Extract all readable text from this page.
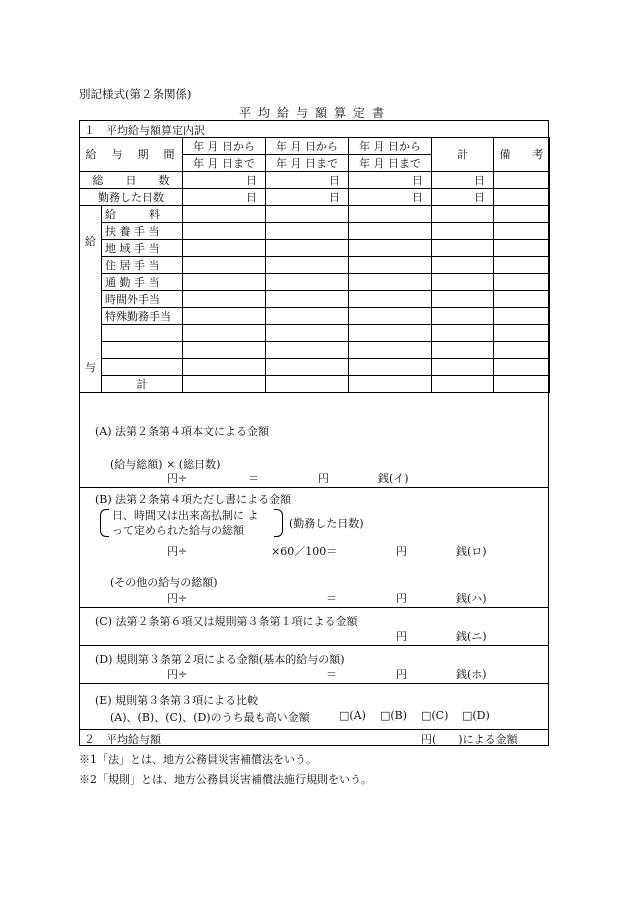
別記様式(第２条関係)
平均給与額算定書
１　平均給与額算定内訳
給　与　期　間		年 月 日から	年 月 日から	年 月 日から	計	備　　考
		年 月 日まで	年 月 日まで	年 月 日まで		
総　　日　　数		日	日	日	日	
勤務した日数		日	日	日	日	

給
与	給　　　料					
	扶 養 手 当					
	地 域 手 当					
	住 居 手 当					
	通 勤 手 当					
	時間外手当					
	特殊勤務手当					

	計					
(A) 法第２条第４項本文による金額
(給与総額) × (総日数)
円÷	＝	円	銭(イ)
(B) 法第２条第４項ただし書による金額
日、時間又は出来高払制に よ
って定められた給与の総額
(勤務した日数)
円÷	×60／100＝	円	銭(ロ)
(その他の給与の総額)
円÷	＝	円	銭(ハ)
(C) 法第２条第６項又は規則第３条第１項による金額
円	銭(ニ)
(D) 規則第３条第２項による金額(基本的給与の額)
円÷	＝	円	銭(ホ)
(E) 規則第３条第３項による比較
(A)、(B)、(C)、(D)のうち最も高い金額	□(A) □(B) □(C) □(D)
２　平均給与額	円(　　)による金額
※1「法」とは、地方公務員災害補償法をいう。
※2「規則」とは、地方公務員災害補償法施行規則をいう。
